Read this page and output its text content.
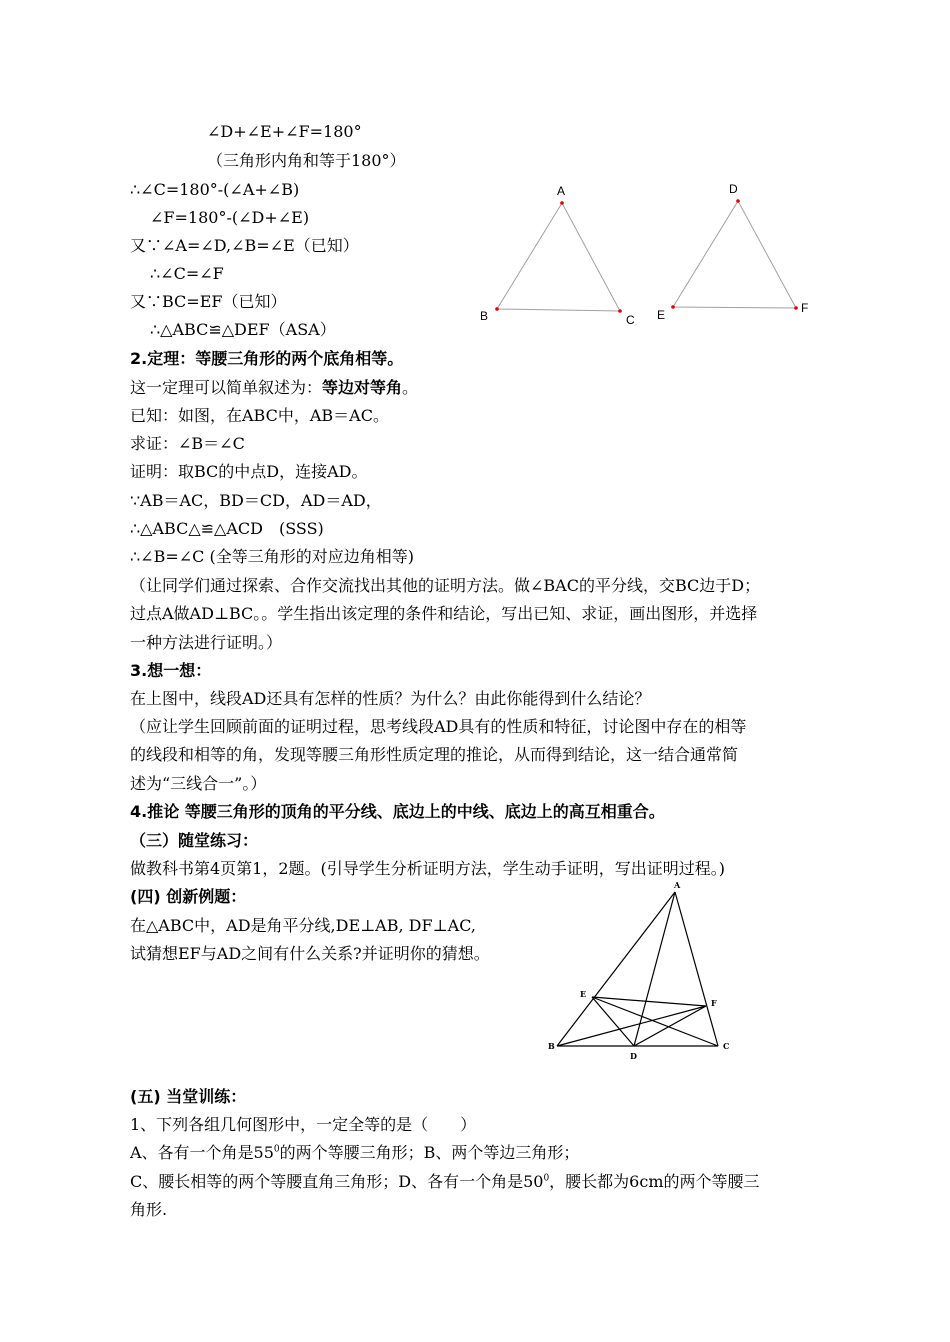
∠D+∠E+∠F=180°
（三角形内角和等于180°）
∴∠C=180°-(∠A+∠B)
∠F=180°-(∠D+∠E)
又∵∠A=∠D,∠B=∠E（已知）
∴∠C=∠F
又∵BC=EF（已知）
∴△ABC≌△DEF（ASA）
A
B	C
D
E	F
2.定理：等腰三角形的两个底角相等。
这一定理可以简单叙述为：等边对等角。
已知：如图，在ABC中，AB＝AC。
求证：∠B＝∠C
证明：取BC的中点D，连接AD。
∵AB＝AC，BD＝CD，AD＝AD，
∴△ABC△≌△ACD　(SSS)
∴∠B=∠C (全等三角形的对应边角相等)
（让同学们通过探索、合作交流找出其他的证明方法。做∠BAC的平分线，交BC边于D；
过点A做AD⊥BC。。学生指出该定理的条件和结论，写出已知、求证，画出图形，并选择
一种方法进行证明。）
3.想一想：
在上图中，线段AD还具有怎样的性质？为什么？由此你能得到什么结论？
（应让学生回顾前面的证明过程，思考线段AD具有的性质和特征，讨论图中存在的相等
的线段和相等的角，发现等腰三角形性质定理的推论，从而得到结论，这一结合通常简
述为“三线合一”。）
4.推论 等腰三角形的顶角的平分线、底边上的中线、底边上的高互相重合。
（三）随堂练习：
做教科书第4页第1，2题。(引导学生分析证明方法，学生动手证明，写出证明过程。)
(四) 创新例题：
在△ABC中，AD是角平分线,DE⊥AB, DF⊥AC,
试猜想EF与AD之间有什么关系?并证明你的猜想。
A
B	C
D
E
F
(五) 当堂训练：
1、下列各组几何图形中，一定全等的是（　　）
A、各有一个角是$55^0$的两个等腰三角形；B、两个等边三角形；
C、腰长相等的两个等腰直角三角形；D、各有一个角是$50^0$，腰长都为6cm的两个等腰三
角形.
